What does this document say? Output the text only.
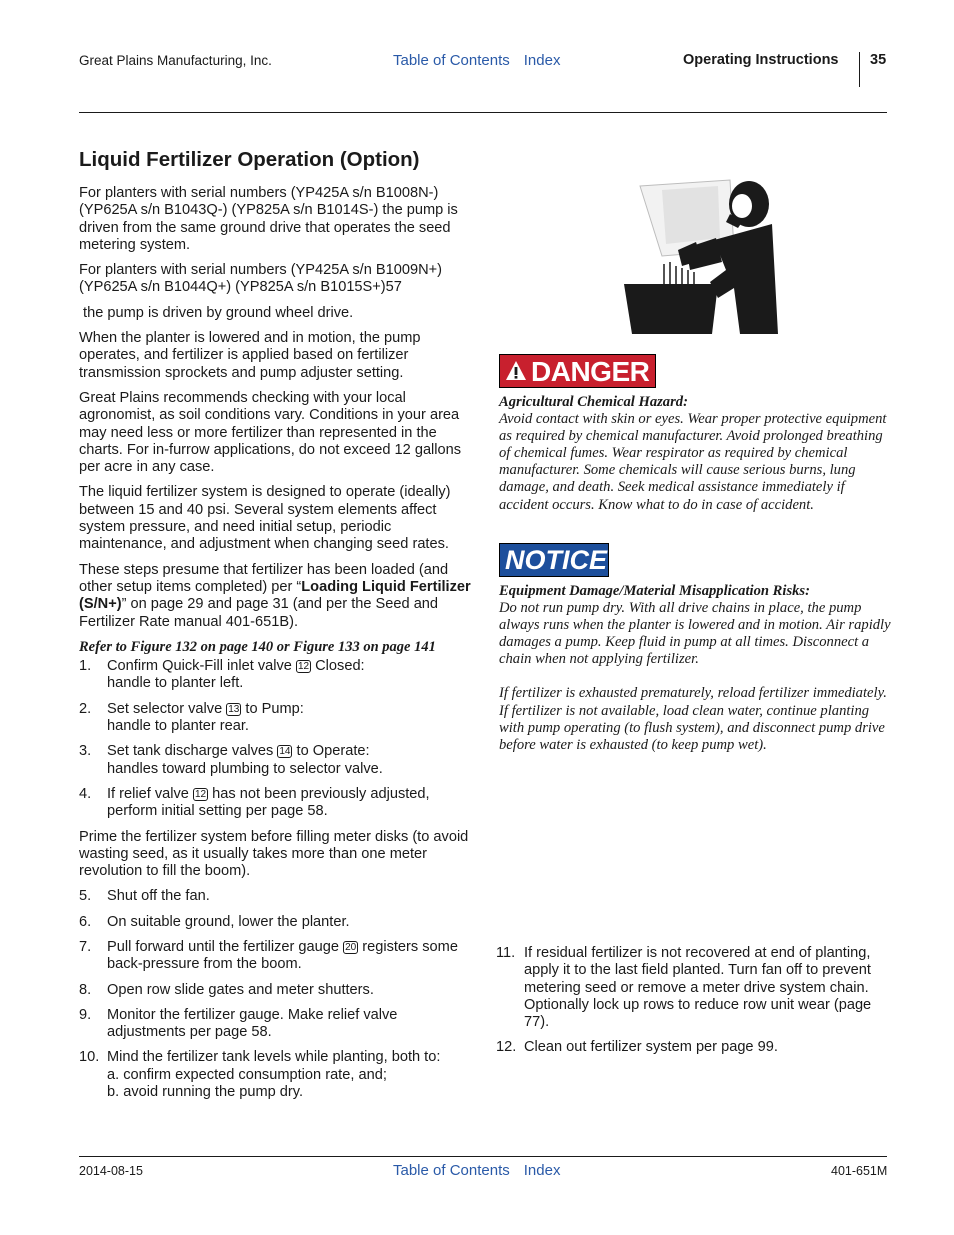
Great Plains Manufacturing, Inc.	Table of Contents Index	Operating Instructions 35
Liquid Fertilizer Operation (Option)

For planters with serial numbers (YP425A s/n B1008N-) (YP625A s/n B1043Q-) (YP825A s/n B1014S-) the pump is driven from the same ground drive that operates the seed metering system.

For planters with serial numbers (YP425A s/n B1009N+) (YP625A s/n B1044Q+) (YP825A s/n B1015S+)57

the pump is driven by ground wheel drive.

When the planter is lowered and in motion, the pump operates, and fertilizer is applied based on fertilizer transmission sprockets and pump adjuster setting.

Great Plains recommends checking with your local agronomist, as soil conditions vary. Conditions in your area may need less or more fertilizer than represented in the charts. For in-furrow applications, do not exceed 12 gallons per acre in any case.

The liquid fertilizer system is designed to operate (ideally) between 15 and 40 psi. Several system elements affect system pressure, and need initial setup, periodic maintenance, and adjustment when changing seed rates.

These steps presume that fertilizer has been loaded (and other setup items completed) per “Loading Liquid Fertilizer (S/N+)” on page 29 and page 31 (and per the Seed and Fertilizer Rate manual 401-651B).

Refer to Figure 132 on page 140 or Figure 133 on page 141
1. Confirm Quick-Fill inlet valve 12 Closed:
handle to planter left.
2. Set selector valve 13 to Pump:
handle to planter rear.
3. Set tank discharge valves 14 to Operate:
handles toward plumbing to selector valve.
4. If relief valve 12 has not been previously adjusted, perform initial setting per page 58.

Prime the fertilizer system before filling meter disks (to avoid wasting seed, as it usually takes more than one meter revolution to fill the boom).

5. Shut off the fan.
6. On suitable ground, lower the planter.
7. Pull forward until the fertilizer gauge 20 registers some back-pressure from the boom.
8. Open row slide gates and meter shutters.
9. Monitor the fertilizer gauge. Make relief valve adjustments per page 58.
10. Mind the fertilizer tank levels while planting, both to:
a. confirm expected consumption rate, and;
b. avoid running the pump dry.
DANGER

Agricultural Chemical Hazard:

Avoid contact with skin or eyes. Wear proper protective equipment as required by chemical manufacturer. Avoid prolonged breathing of chemical fumes. Wear respirator as required by chemical manufacturer. Some chemicals will cause serious burns, lung damage, and death. Seek medical assistance immediately if accident occurs. Know what to do in case of accident.

NOTICE

Equipment Damage/Material Misapplication Risks:

Do not run pump dry. With all drive chains in place, the pump always runs when the planter is lowered and in motion. Air rapidly damages a pump. Keep fluid in pump at all times. Disconnect a chain when not applying fertilizer.

If fertilizer is exhausted prematurely, reload fertilizer immediately. If fertilizer is not available, load clean water, continue planting with pump operating (to flush system), and disconnect pump drive before water is exhausted (to keep pump wet).

11. If residual fertilizer is not recovered at end of planting, apply it to the last field planted. Turn fan off to prevent metering seed or remove a meter drive system chain. Optionally lock up rows to reduce row unit wear (page 77).
12. Clean out fertilizer system per page 99.
2014-08-15	Table of Contents Index	401-651M
